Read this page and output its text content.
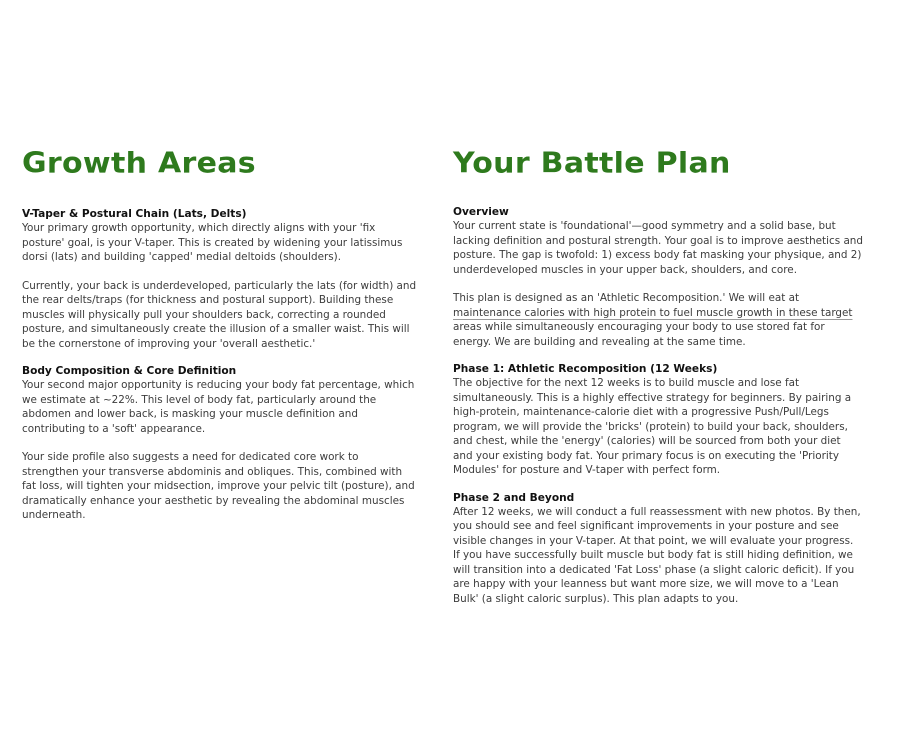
Growth Areas
V-Taper & Postural Chain (Lats, Delts)

Your primary growth opportunity, which directly aligns with your 'fix posture' goal, is your V-taper. This is created by widening your latissimus dorsi (lats) and building 'capped' medial deltoids (shoulders).

Currently, your back is underdeveloped, particularly the lats (for width) and the rear delts/traps (for thickness and postural support). Building these muscles will physically pull your shoulders back, correcting a rounded posture, and simultaneously create the illusion of a smaller waist. This will be the cornerstone of improving your 'overall aesthetic.'

Body Composition & Core Definition

Your second major opportunity is reducing your body fat percentage, which we estimate at ~22%. This level of body fat, particularly around the abdomen and lower back, is masking your muscle definition and contributing to a 'soft' appearance.

Your side profile also suggests a need for dedicated core work to strengthen your transverse abdominis and obliques. This, combined with fat loss, will tighten your midsection, improve your pelvic tilt (posture), and dramatically enhance your aesthetic by revealing the abdominal muscles underneath.

Your Battle Plan
Overview

Your current state is 'foundational'—good symmetry and a solid base, but lacking definition and postural strength. Your goal is to improve aesthetics and posture. The gap is twofold: 1) excess body fat masking your physique, and 2) underdeveloped muscles in your upper back, shoulders, and core.

This plan is designed as an 'Athletic Recomposition.' We will eat at maintenance calories with high protein to fuel muscle growth in these target areas while simultaneously encouraging your body to use stored fat for energy. We are building and revealing at the same time.

Phase 1: Athletic Recomposition (12 Weeks)

The objective for the next 12 weeks is to build muscle and lose fat simultaneously. This is a highly effective strategy for beginners. By pairing a high-protein, maintenance-calorie diet with a progressive Push/Pull/Legs program, we will provide the 'bricks' (protein) to build your back, shoulders, and chest, while the 'energy' (calories) will be sourced from both your diet and your existing body fat. Your primary focus is on executing the 'Priority Modules' for posture and V-taper with perfect form.

Phase 2 and Beyond

After 12 weeks, we will conduct a full reassessment with new photos. By then, you should see and feel significant improvements in your posture and see visible changes in your V-taper. At that point, we will evaluate your progress. If you have successfully built muscle but body fat is still hiding definition, we will transition into a dedicated 'Fat Loss' phase (a slight caloric deficit). If you are happy with your leanness but want more size, we will move to a 'Lean Bulk' (a slight caloric surplus). This plan adapts to you.
